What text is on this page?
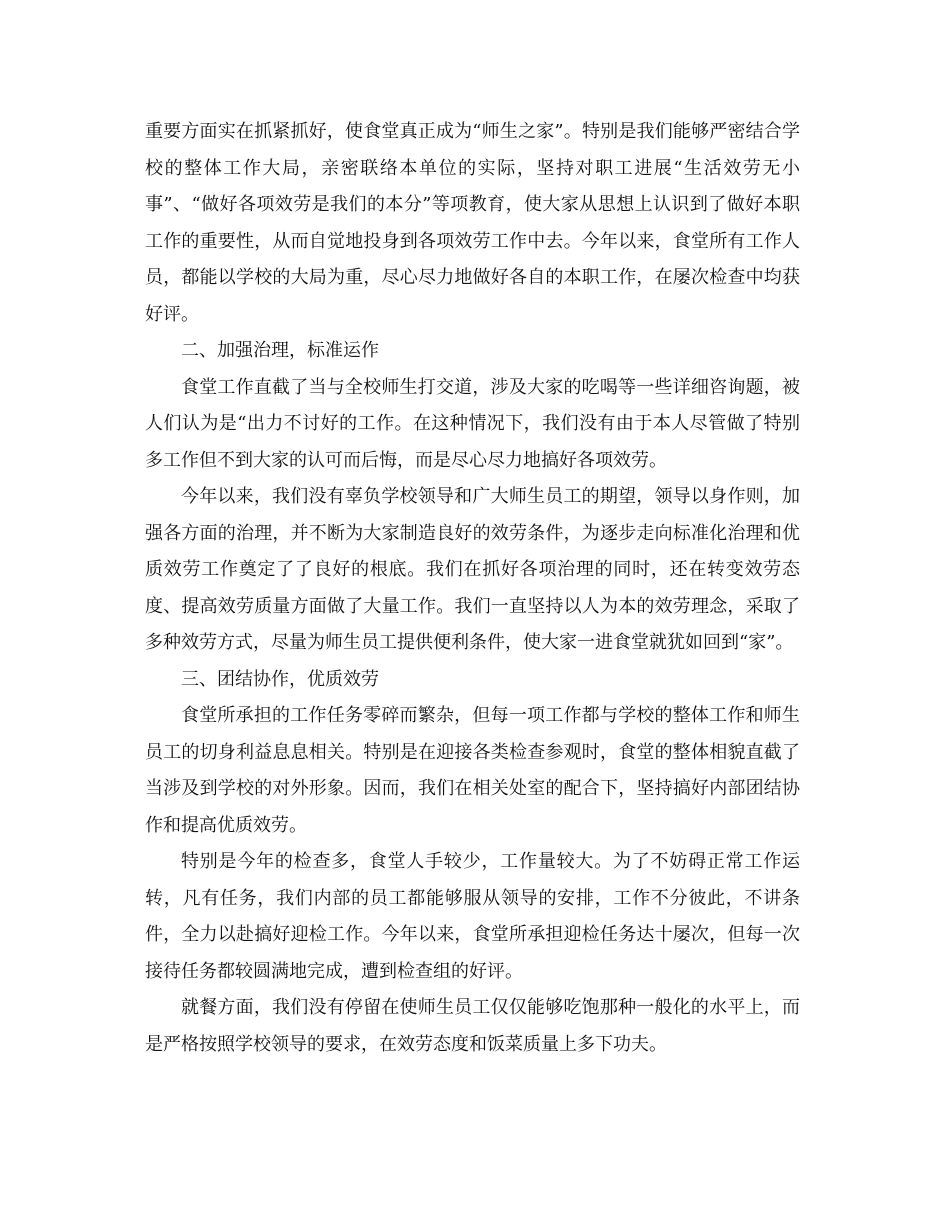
重要方面实在抓紧抓好，使食堂真正成为“师生之家”。特别是我们能够严密结合学校的整体工作大局，亲密联络本单位的实际，坚持对职工进展“生活效劳无小事”、“做好各项效劳是我们的本分”等项教育，使大家从思想上认识到了做好本职工作的重要性，从而自觉地投身到各项效劳工作中去。今年以来，食堂所有工作人员，都能以学校的大局为重，尽心尽力地做好各自的本职工作，在屡次检查中均获好评。

二、加强治理，标准运作

食堂工作直截了当与全校师生打交道，涉及大家的吃喝等一些详细咨询题，被人们认为是“出力不讨好的工作。在这种情况下，我们没有由于本人尽管做了特别多工作但不到大家的认可而后悔，而是尽心尽力地搞好各项效劳。

今年以来，我们没有辜负学校领导和广大师生员工的期望，领导以身作则，加强各方面的治理，并不断为大家制造良好的效劳条件，为逐步走向标准化治理和优质效劳工作奠定了了良好的根底。我们在抓好各项治理的同时，还在转变效劳态度、提高效劳质量方面做了大量工作。我们一直坚持以人为本的效劳理念，采取了多种效劳方式，尽量为师生员工提供便利条件，使大家一进食堂就犹如回到“家”。

三、团结协作，优质效劳

食堂所承担的工作任务零碎而繁杂，但每一项工作都与学校的整体工作和师生员工的切身利益息息相关。特别是在迎接各类检查参观时，食堂的整体相貌直截了当涉及到学校的对外形象。因而，我们在相关处室的配合下，坚持搞好内部团结协作和提高优质效劳。

特别是今年的检查多，食堂人手较少，工作量较大。为了不妨碍正常工作运转，凡有任务，我们内部的员工都能够服从领导的安排，工作不分彼此，不讲条件，全力以赴搞好迎检工作。今年以来，食堂所承担迎检任务达十屡次，但每一次接待任务都较圆满地完成，遭到检查组的好评。

就餐方面，我们没有停留在使师生员工仅仅能够吃饱那种一般化的水平上，而是严格按照学校领导的要求，在效劳态度和饭菜质量上多下功夫。
